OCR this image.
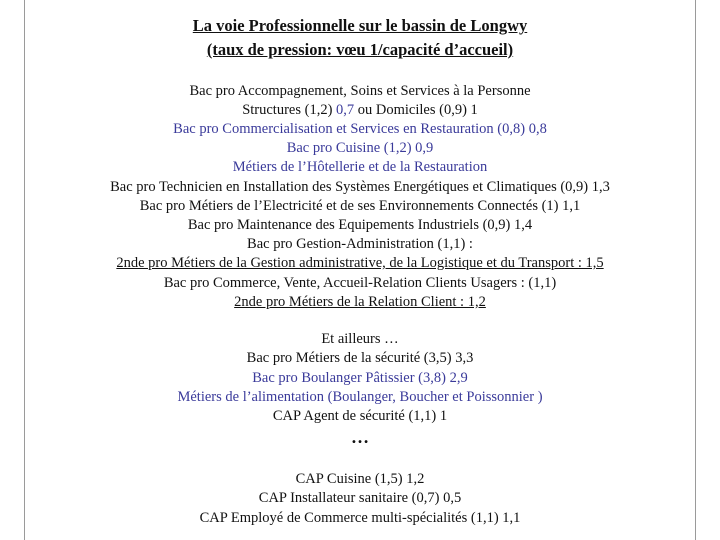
La voie Professionnelle sur le bassin de Longwy
(taux de pression: vœu 1/capacité d’accueil)
Bac pro Accompagnement, Soins et Services à la Personne
Structures (1,2) 0,7 ou Domiciles (0,9) 1
Bac pro Commercialisation et Services en Restauration (0,8) 0,8
Bac pro Cuisine (1,2) 0,9
Métiers de l’Hôtellerie et de la Restauration
Bac pro Technicien en Installation des Systèmes Energétiques et Climatiques (0,9) 1,3
Bac pro Métiers de l’Electricité et de ses Environnements Connectés (1) 1,1
Bac pro Maintenance des Equipements Industriels (0,9) 1,4
Bac pro Gestion-Administration (1,1) :
2nde pro Métiers de la Gestion administrative, de la Logistique et du Transport : 1,5
Bac pro Commerce, Vente, Accueil-Relation Clients Usagers : (1,1)
2nde pro Métiers de la Relation Client : 1,2
Et ailleurs …
Bac pro Métiers de la sécurité (3,5) 3,3
Bac pro Boulanger Pâtissier (3,8) 2,9
Métiers de l’alimentation (Boulanger, Boucher et Poissonnier )
CAP Agent de sécurité (1,1) 1
…
CAP Cuisine (1,5) 1,2
CAP Installateur sanitaire (0,7) 0,5
CAP Employé de Commerce multi-spécialités (1,1) 1,1
